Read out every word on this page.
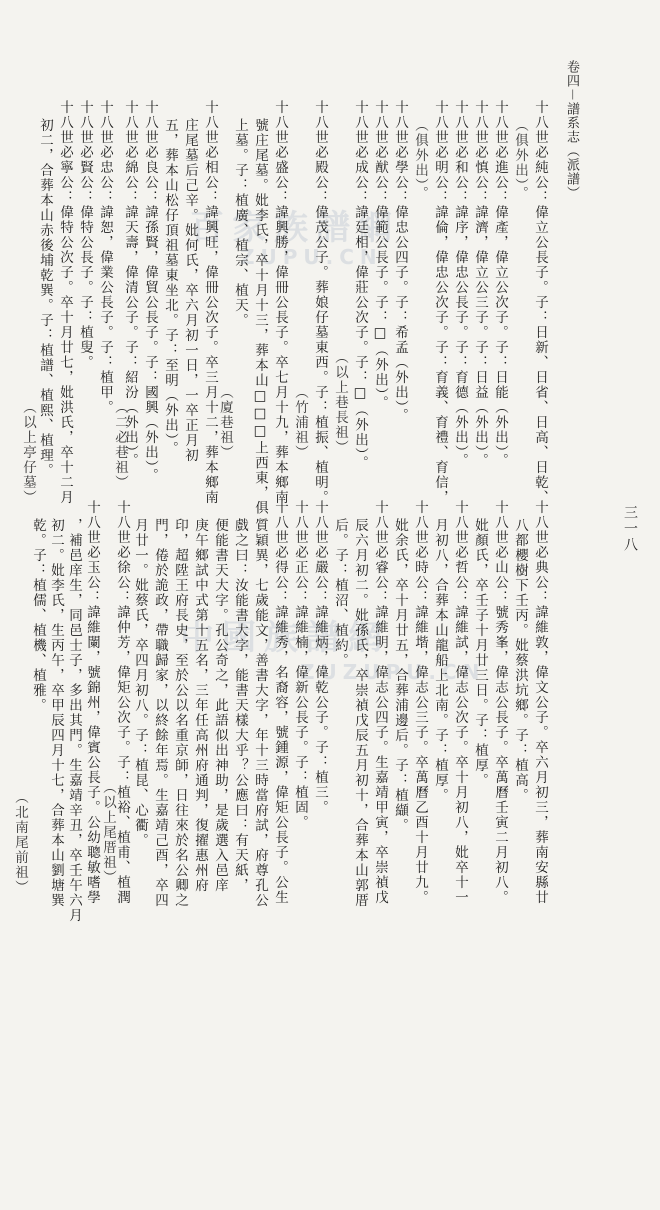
卷四－譜系志（派譜）
三一八
百家族譜網
ZUPU.CN
中國族譜網
ZUZUPU.CN
十八世必純公：偉立公長子。子：日新、日省、日高、日乾、
（俱外出）。
十八世必進公：偉產，偉立公次子。子：日能（外出）。
十八世必慎公：諱濟，偉立公三子。子：日益（外出）。
十八世必和公：諱序，偉忠公長子。子：育德（外出）。
十八世必明公：諱倫，偉忠公次子。子：育義、育禮、育信，
（俱外出）。
十八世必學公：偉忠公四子。子：希孟（外出）。
十八世必猷公：偉範公長子。子：□（外出）。
十八世必成公：諱廷相，偉莊公次子。子：□（外出）。
（以上巷長祖）
十八世必殿公：偉茂公子。葬娘仔墓東西。子：植振、植明。
（竹浦祖）
十八世必盛公：諱興勝，偉冊公長子。卒七月十九，葬本鄉南
號庄尾墓。妣李氏，卒十月十三，葬本山□□□上西東，俱
上墓。子：植廣、植宗、植天。
（廈巷祖）
十八世必相公：諱興旺，偉冊公次子。卒三月十二，葬本鄉南
庄尾墓后己辛。妣何氏，卒六月初一日，一卒正月初
五，葬本山松仔頂祖墓東坐北。子：至明（外出）。
十八世必良公：諱孫賢，偉貿公長子。子：國興（外出）。
十八世必綿公：諱天壽，偉清公子。子：紹汾（外出）。
（二必巷祖）
十八世必忠公：諱恕，偉業公長子。子：植甲。
十八世必賢公：偉特公長子。子：植叟。
十八世必寧公：偉特公次子。卒十月廿七，妣洪氏，卒十二月
初二，合葬本山赤後埔乾巽。子：植譜、植熙、植理。
（以上亭仔墓）
十八世必典公：諱維敦，偉文公子。卒六月初三，葬南安縣廿
八都櫻樹下壬丙。妣蔡洪坑鄉。子：植高。
十八世必山公：號秀峯，偉志公長子。卒萬曆壬寅二月初八。
妣顏氏，卒壬子十月廿三日。子：植厚。
十八世必哲公：諱維試，偉志公次子。卒十月初八，妣卒十一
月初八，合葬本山龍船上北南。子：植厚。
十八世必時公：諱維堦，偉志公三子。卒萬曆乙酉十月廿九。
妣余氏，卒十月廿五，合葬浦邊后。子：植纈。
十八世必睿公：諱維明，偉志公四子。生嘉靖甲寅，卒崇禎戊
辰六月初二。妣孫氏，卒崇禎戊辰五月初十，合葬本山郭厝
后。子：植沼、植約。
十八世必嚴公：諱維炳，偉乾公子。子：植三。
十八世必正公：諱維楠，偉新公長子。子：植固。
十八世必得公：諱維秀，名裔容，號鍾源，偉矩公長子。公生
質穎異，七歲能文，善書大字，年十三時當府試，府尊孔公
戲之曰：汝能書大字，能書天樣大乎？公應曰：有天紙，
便能書天大字。孔公奇之，此語似出神助，是歲選入邑庠
庚午鄉試中式第十五名，三年任高州府通判，復擢惠州府
印，超陞王府長史，至於公以名重京師，日往來於名公卿之
門，倦於詭政，帶職歸家，以終餘年焉。生嘉靖己酉，卒四
月廿一。妣蔡氏，卒四月初八。子：植昆、心衢。
十八世必徐公：諱仲芳，偉矩公次子。子：植裕、植甫、植潤
（以上尾厝祖）
十八世必玉公：諱維闌，號錦州，偉賓公長子。公幼聰敏嗜學
，補邑庠生，同邑士子，多出其門。生嘉靖辛丑，卒壬午六月
初二。妣李氏，生丙午，卒甲辰四月十七，合葬本山劉塘巽
乾。子：植儒、植機、植雅。
（北南尾前祖）
